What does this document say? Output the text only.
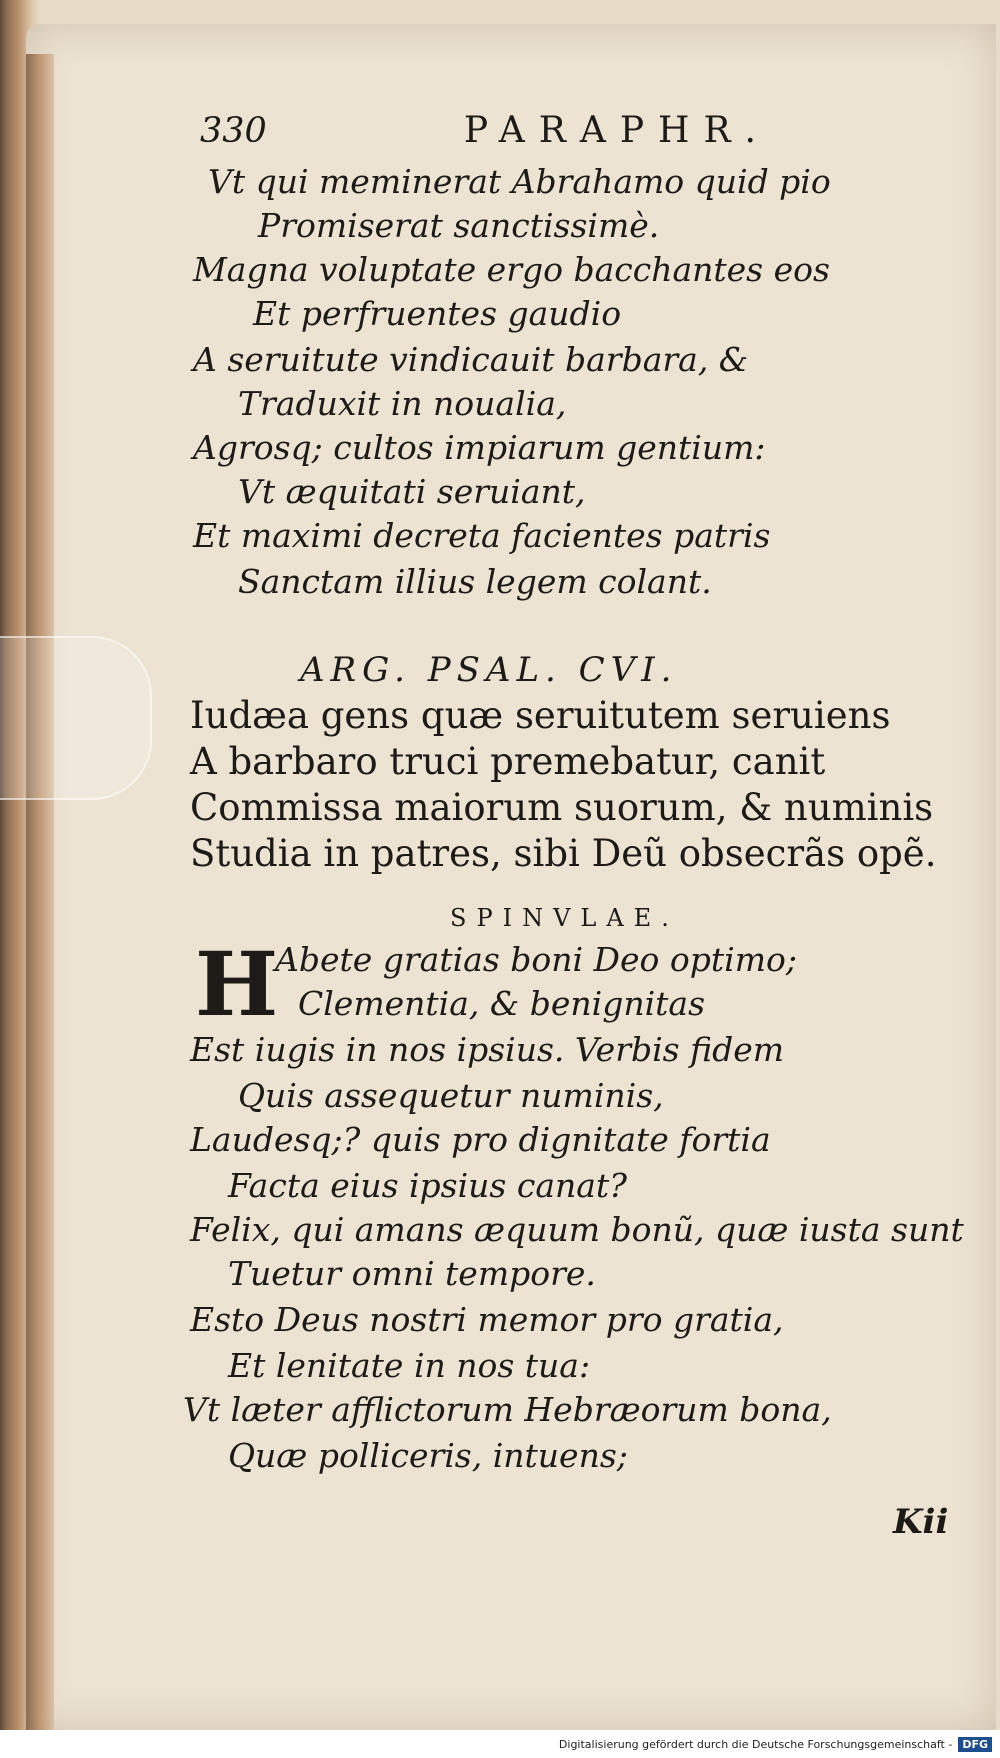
330	PARAPHR.
Vt qui meminerat Abrahamo quid pio
Promiserat sanctissimè.
Magna voluptate ergo bacchantes eos
Et perfruentes gaudio
A seruitute vindicauit barbara, &
Traduxit in noualia,
Agrosq; cultos impiarum gentium:
Vt æquitati seruiant,
Et maximi decreta facientes patris
Sanctam illius legem colant.
ARG. PSAL. CVI.
Iudæa gens quæ seruitutem seruiens
A barbaro truci premebatur, canit
Commissa maiorum suorum, & numinis
Studia in patres, sibi Deũ obsecrãs opẽ.
SPINVLAE.
H
Abete gratias boni Deo optimo;
Clementia, & benignitas
Est iugis in nos ipsius. Verbis fidem
Quis assequetur numinis,
Laudesq;? quis pro dignitate fortia
Facta eius ipsius canat?
Felix, qui amans æquum bonũ, quæ iusta sunt
Tuetur omni tempore.
Esto Deus nostri memor pro gratia,
Et lenitate in nos tua:
Vt læter afflictorum Hebræorum bona,
Quæ polliceris, intuens;
Kii
Digitalisierung gefördert durch die Deutsche Forschungsgemeinschaft - DFG
